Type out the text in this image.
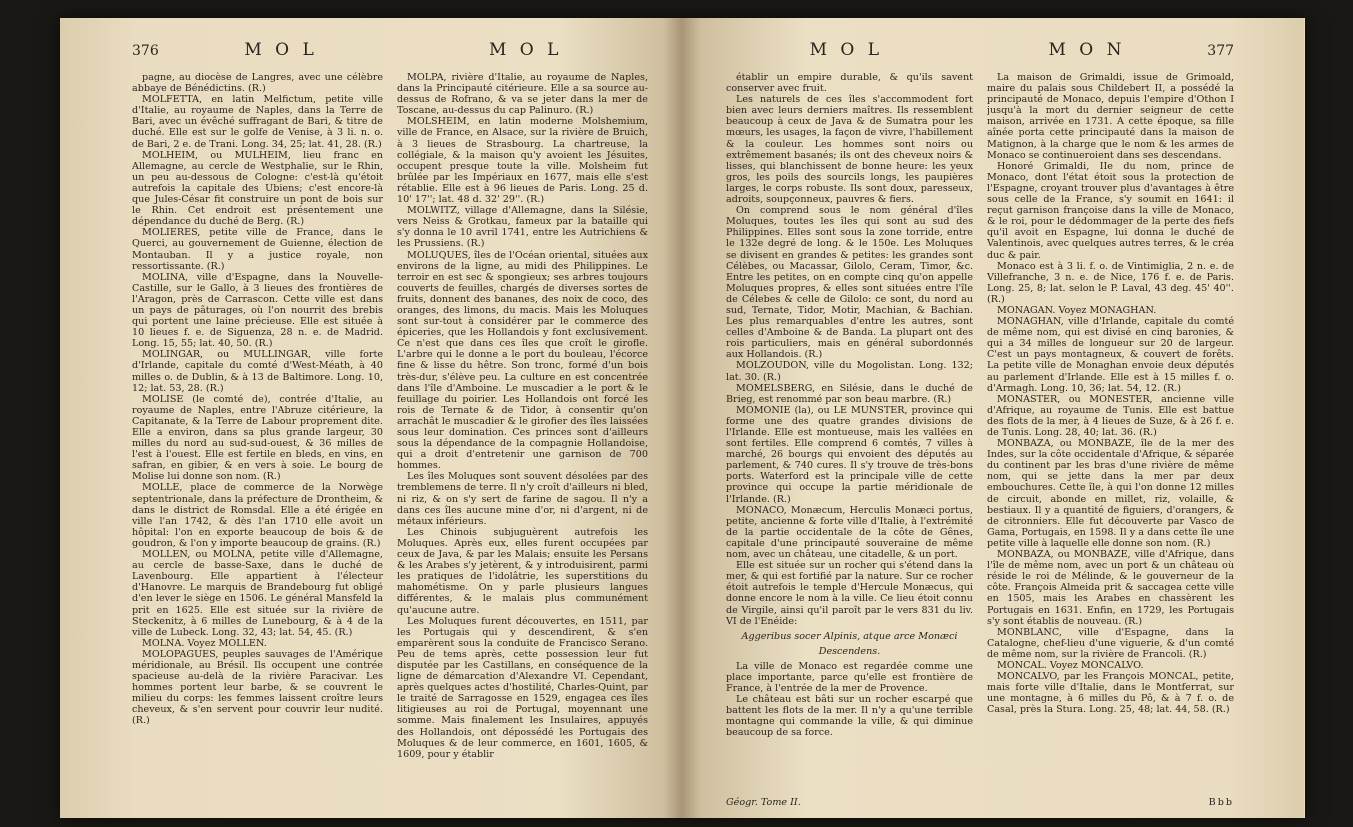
376	M O L	M O L

pagne, au diocèse de Langres, avec une célèbre abbaye de Bénédictins. (R.)

MOLFETTA, en latin Melfictum, petite ville d'Italie, au royaume de Naples, dans la Terre de Bari, avec un évêché suffragant de Bari, & titre de duché. Elle est sur le golfe de Venise, à 3 li. n. o. de Bari, 2 e. de Trani. Long. 34, 25; lat. 41, 28. (R.)

MOLHEIM, ou MULHEIM, lieu franc en Allemagne, au cercle de Westphalie, sur le Rhin, un peu au-dessous de Cologne: c'est-là qu'étoit autrefois la capitale des Ubiens; c'est encore-là que Jules-César fit construire un pont de bois sur le Rhin. Cet endroit est présentement une dépendance du duché de Berg. (R.)

MOLIERES, petite ville de France, dans le Querci, au gouvernement de Guienne, élection de Montauban. Il y a justice royale, non ressortissante. (R.)

MOLINA, ville d'Espagne, dans la Nouvelle-Castille, sur le Gallo, à 3 lieues des frontières de l'Aragon, près de Carrascon. Cette ville est dans un pays de pâturages, où l'on nourrit des brebis qui portent une laine précieuse. Elle est située à 10 lieues f. e. de Siguenza, 28 n. e. de Madrid. Long. 15, 55; lat. 40, 50. (R.)

MOLINGAR, ou MULLINGAR, ville forte d'Irlande, capitale du comté d'West-Méath, à 40 milles o. de Dublin, & à 13 de Baltimore. Long. 10, 12; lat. 53, 28. (R.)

MOLISE (le comté de), contrée d'Italie, au royaume de Naples, entre l'Abruze citérieure, la Capitanate, & la Terre de Labour proprement dite. Elle a environ, dans sa plus grande largeur, 30 milles du nord au sud-sud-ouest, & 36 milles de l'est à l'ouest. Elle est fertile en bleds, en vins, en safran, en gibier, & en vers à soie. Le bourg de Molise lui donne son nom. (R.)

MOLLE, place de commerce de la Norwège septentrionale, dans la préfecture de Drontheim, & dans le district de Romsdal. Elle a été érigée en ville l'an 1742, & dès l'an 1710 elle avoit un hôpital: l'on en exporte beaucoup de bois & de goudron, & l'on y importe beaucoup de grains. (R.)

MOLLEN, ou MOLNA, petite ville d'Allemagne, au cercle de basse-Saxe, dans le duché de Lavenbourg. Elle appartient à l'électeur d'Hanovre. Le marquis de Brandebourg fut obligé d'en lever le siège en 1506. Le général Mansfeld la prit en 1625. Elle est située sur la rivière de Steckenitz, à 6 milles de Lunebourg, & à 4 de la ville de Lubeck. Long. 32, 43; lat. 54, 45. (R.)

MOLNA. Voyez MOLLEN.

MOLOPAGUES, peuples sauvages de l'Amérique méridionale, au Brésil. Ils occupent une contrée spacieuse au-delà de la rivière Paracivar. Les hommes portent leur barbe, & se couvrent le milieu du corps: les femmes laissent croître leurs cheveux, & s'en servent pour couvrir leur nudité. (R.)

MOLPA, rivière d'Italie, au royaume de Naples, dans la Principauté citérieure. Elle a sa source au-dessus de Rofrano, & va se jeter dans la mer de Toscane, au-dessus du cap Palinuro. (R.)

MOLSHEIM, en latin moderne Molshemium, ville de France, en Alsace, sur la rivière de Bruich, à 3 lieues de Strasbourg. La chartreuse, la collégiale, & la maison qu'y avoient les Jésuites, occupent presque toute la ville. Molsheim fut brûlée par les Impériaux en 1677, mais elle s'est rétablie. Elle est à 96 lieues de Paris. Long. 25 d. 10' 17''; lat. 48 d. 32' 29''. (R.)

MOLWITZ, village d'Allemagne, dans la Silésie, vers Neiss & Grotkau, fameux par la bataille qui s'y donna le 10 avril 1741, entre les Autrichiens & les Prussiens. (R.)

MOLUQUES, îles de l'Océan oriental, situées aux environs de la ligne, au midi des Philippines. Le terroir en est sec & spongieux; ses arbres toujours couverts de feuilles, chargés de diverses sortes de fruits, donnent des bananes, des noix de coco, des oranges, des limons, du macis. Mais les Moluques sont sur-tout à considérer par le commerce des épiceries, que les Hollandois y font exclusivement. Ce n'est que dans ces îles que croît le girofle. L'arbre qui le donne a le port du bouleau, l'écorce fine & lisse du hêtre. Son tronc, formé d'un bois très-dur, s'élève peu. La culture en est concentrée dans l'île d'Amboine. Le muscadier a le port & le feuillage du poirier. Les Hollandois ont forcé les rois de Ternate & de Tidor, à consentir qu'on arrachât le muscadier & le girofier des îles laissées sous leur domination. Ces princes sont d'ailleurs sous la dépendance de la compagnie Hollandoise, qui a droit d'entretenir une garnison de 700 hommes.

Les îles Moluques sont souvent désolées par des tremblemens de terre. Il n'y croît d'ailleurs ni bled, ni riz, & on s'y sert de farine de sagou. Il n'y a dans ces îles aucune mine d'or, ni d'argent, ni de métaux inférieurs.

Les Chinois subjuguèrent autrefois les Moluques. Après eux, elles furent occupées par ceux de Java, & par les Malais; ensuite les Persans & les Arabes s'y jetèrent, & y introduisirent, parmi les pratiques de l'idolâtrie, les superstitions du mahométisme. On y parle plusieurs langues différentes, & le malais plus communément qu'aucune autre.

Les Moluques furent découvertes, en 1511, par les Portugais qui y descendirent, & s'en emparèrent sous la conduite de Francisco Serano. Peu de tems après, cette possession leur fut disputée par les Castillans, en conséquence de la ligne de démarcation d'Alexandre VI. Cependant, après quelques actes d'hostilité, Charles-Quint, par le traité de Sarragosse en 1529, engagea ces îles litigieuses au roi de Portugal, moyennant une somme. Mais finalement les Insulaires, appuyés des Hollandois, ont dépossédé les Portugais des Moluques & de leur commerce, en 1601, 1605, & 1609, pour y établir

M O L	M O N	377

établir un empire durable, & qu'ils savent conserver avec fruit.

Les naturels de ces îles s'accommodent fort bien avec leurs derniers maîtres. Ils ressemblent beaucoup à ceux de Java & de Sumatra pour les mœurs, les usages, la façon de vivre, l'habillement & la couleur. Les hommes sont noirs ou extrêmement basanés; ils ont des cheveux noirs & lisses, qui blanchissent de bonne heure: les yeux gros, les poils des sourcils longs, les paupières larges, le corps robuste. Ils sont doux, paresseux, adroits, soupçonneux, pauvres & fiers.

On comprend sous le nom général d'îles Moluques, toutes les îles qui sont au sud des Philippines. Elles sont sous la zone torride, entre le 132e degré de long. & le 150e. Les Moluques se divisent en grandes & petites: les grandes sont Célèbes, ou Macassar, Gilolo, Ceram, Timor, &c. Entre les petites, on en compte cinq qu'on appelle Moluques propres, & elles sont situées entre l'île de Célebes & celle de Gilolo: ce sont, du nord au sud, Ternate, Tidor, Motir, Machian, & Bachian. Les plus remarquables d'entre les autres, sont celles d'Amboine & de Banda. La plupart ont des rois particuliers, mais en général subordonnés aux Hollandois. (R.)

MOLZOUDON, ville du Mogolistan. Long. 132; lat. 30. (R.)

MOMELSBERG, en Silésie, dans le duché de Brieg, est renommé par son beau marbre. (R.)

MOMONIE (la), ou LE MUNSTER, province qui forme une des quatre grandes divisions de l'Irlande. Elle est montueuse, mais les vallées en sont fertiles. Elle comprend 6 comtés, 7 villes à marché, 26 bourgs qui envoient des députés au parlement, & 740 cures. Il s'y trouve de très-bons ports. Waterford est la principale ville de cette province qui occupe la partie méridionale de l'Irlande. (R.)

MONACO, Monæcum, Herculis Monæci portus, petite, ancienne & forte ville d'Italie, à l'extrémité de la partie occidentale de la côte de Gênes, capitale d'une principauté souveraine de même nom, avec un château, une citadelle, & un port.

Elle est située sur un rocher qui s'étend dans la mer, & qui est fortifié par la nature. Sur ce rocher étoit autrefois le temple d'Hercule Monæcus, qui donne encore le nom à la ville. Ce lieu étoit connu de Virgile, ainsi qu'il paroît par le vers 831 du liv. VI de l'Enéide:

Aggeribus socer Alpinis, atque arce Monæci

Descendens.

La ville de Monaco est regardée comme une place importante, parce qu'elle est frontière de France, à l'entrée de la mer de Provence.

Le château est bâti sur un rocher escarpé que battent les flots de la mer. Il n'y a qu'une terrible montagne qui commande la ville, & qui diminue beaucoup de sa force.

La maison de Grimaldi, issue de Grimoald, maire du palais sous Childebert II, a possédé la principauté de Monaco, depuis l'empire d'Othon I jusqu'à la mort du dernier seigneur de cette maison, arrivée en 1731. A cette époque, sa fille aînée porta cette principauté dans la maison de Matignon, à la charge que le nom & les armes de Monaco se continueroient dans ses descendans.

Honoré Grimaldi, IIe du nom, prince de Monaco, dont l'état étoit sous la protection de l'Espagne, croyant trouver plus d'avantages à être sous celle de la France, s'y soumit en 1641: il reçut garnison françoise dans la ville de Monaco, & le roi, pour le dédommager de la perte des fiefs qu'il avoit en Espagne, lui donna le duché de Valentinois, avec quelques autres terres, & le créa duc & pair.

Monaco est à 3 li. f. o. de Vintimiglia, 2 n. e. de Villefranche, 3 n. e. de Nice, 176 f. e. de Paris. Long. 25, 8; lat. selon le P. Laval, 43 deg. 45' 40''. (R.)

MONAGAN. Voyez MONAGHAN.

MONAGHAN, ville d'Irlande, capitale du comté de même nom, qui est divisé en cinq baronies, & qui a 34 milles de longueur sur 20 de largeur. C'est un pays montagneux, & couvert de forêts. La petite ville de Monaghan envoie deux députés au parlement d'Irlande. Elle est à 15 milles f. o. d'Armagh. Long. 10, 36; lat. 54, 12. (R.)

MONASTER, ou MONESTER, ancienne ville d'Afrique, au royaume de Tunis. Elle est battue des flots de la mer, à 4 lieues de Suze, & à 26 f. e. de Tunis. Long. 28, 40; lat. 36. (R.)

MONBAZA, ou MONBAZE, île de la mer des Indes, sur la côte occidentale d'Afrique, & séparée du continent par les bras d'une rivière de même nom, qui se jette dans la mer par deux embouchures. Cette île, à qui l'on donne 12 milles de circuit, abonde en millet, riz, volaille, & bestiaux. Il y a quantité de figuiers, d'orangers, & de citronniers. Elle fut découverte par Vasco de Gama, Portugais, en 1598. Il y a dans cette île une petite ville à laquelle elle donne son nom. (R.)

MONBAZA, ou MONBAZE, ville d'Afrique, dans l'île de même nom, avec un port & un château où réside le roi de Mélinde, & le gouverneur de la côte. François Almeida prit & saccagea cette ville en 1505, mais les Arabes en chassèrent les Portugais en 1631. Enfin, en 1729, les Portugais s'y sont établis de nouveau. (R.)

MONBLANC, ville d'Espagne, dans la Catalogne, chef-lieu d'une viguerie, & d'un comté de même nom, sur la rivière de Francoli. (R.)

MONCAL. Voyez MONCALVO.

MONCALVO, par les François MONCAL, petite, mais forte ville d'Italie, dans le Montferrat, sur une montagne, à 6 milles du Pô, & à 7 f. o. de Casal, près la Stura. Long. 25, 48; lat. 44, 58. (R.)

Géogr. Tome II.	Bbb
